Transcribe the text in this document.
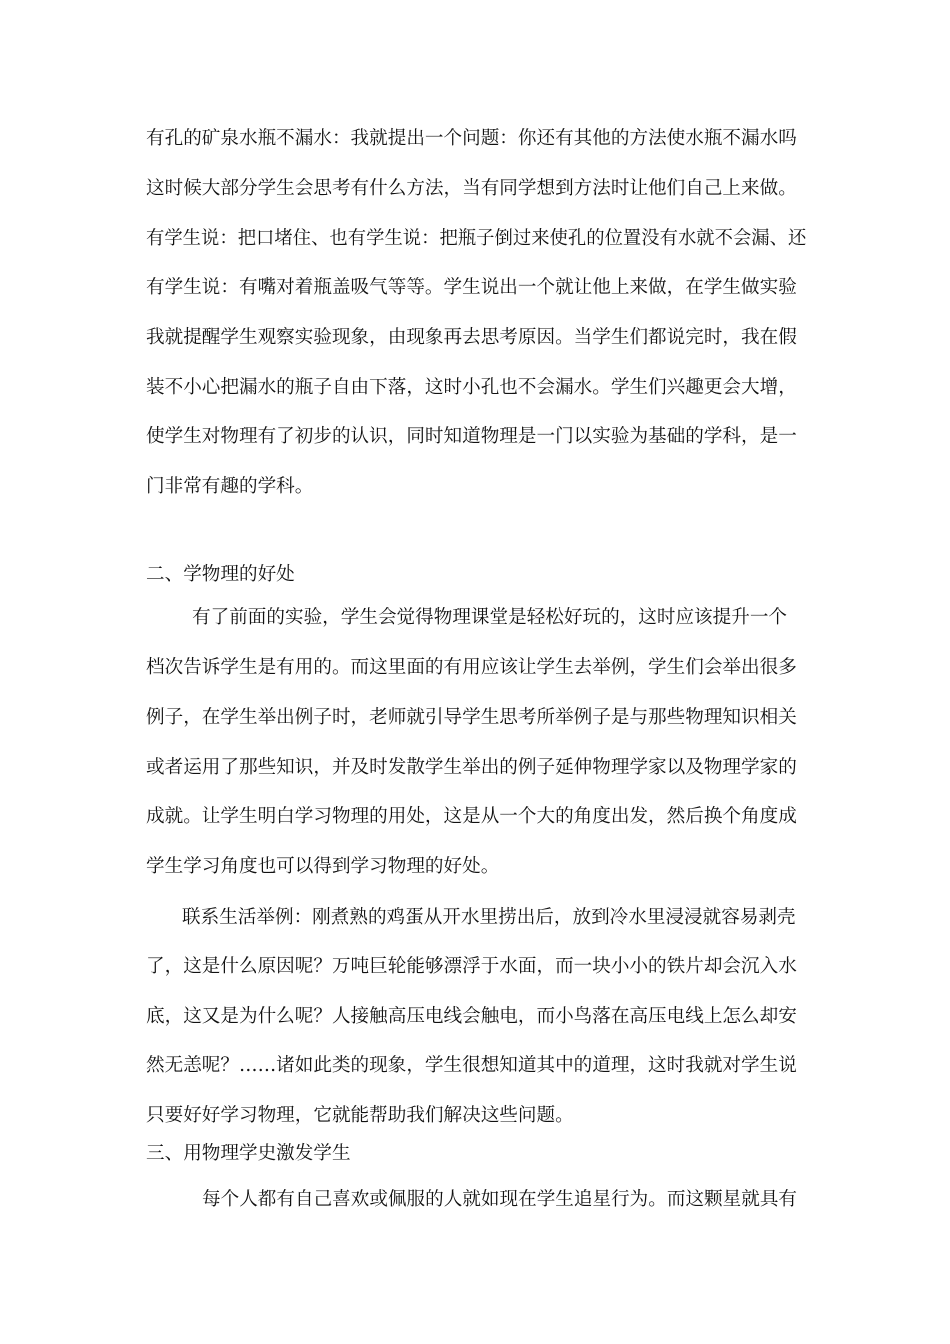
有孔的矿泉水瓶不漏水：我就提出一个问题：你还有其他的方法使水瓶不漏水吗
这时候大部分学生会思考有什么方法，当有同学想到方法时让他们自己上来做。
有学生说：把口堵住、也有学生说：把瓶子倒过来使孔的位置没有水就不会漏、还
有学生说：有嘴对着瓶盖吸气等等。学生说出一个就让他上来做，在学生做实验
我就提醒学生观察实验现象，由现象再去思考原因。当学生们都说完时，我在假
装不小心把漏水的瓶子自由下落，这时小孔也不会漏水。学生们兴趣更会大增，
使学生对物理有了初步的认识，同时知道物理是一门以实验为基础的学科，是一
门非常有趣的学科。
二、学物理的好处
有了前面的实验，学生会觉得物理课堂是轻松好玩的，这时应该提升一个
档次告诉学生是有用的。而这里面的有用应该让学生去举例，学生们会举出很多
例子，在学生举出例子时，老师就引导学生思考所举例子是与那些物理知识相关
或者运用了那些知识，并及时发散学生举出的例子延伸物理学家以及物理学家的
成就。让学生明白学习物理的用处，这是从一个大的角度出发，然后换个角度成
学生学习角度也可以得到学习物理的好处。
联系生活举例：刚煮熟的鸡蛋从开水里捞出后，放到冷水里浸浸就容易剥壳
了，这是什么原因呢？万吨巨轮能够漂浮于水面，而一块小小的铁片却会沉入水
底，这又是为什么呢？人接触高压电线会触电，而小鸟落在高压电线上怎么却安
然无恙呢？……诸如此类的现象，学生很想知道其中的道理，这时我就对学生说
只要好好学习物理，它就能帮助我们解决这些问题。
三、用物理学史激发学生
每个人都有自己喜欢或佩服的人就如现在学生追星行为。而这颗星就具有
